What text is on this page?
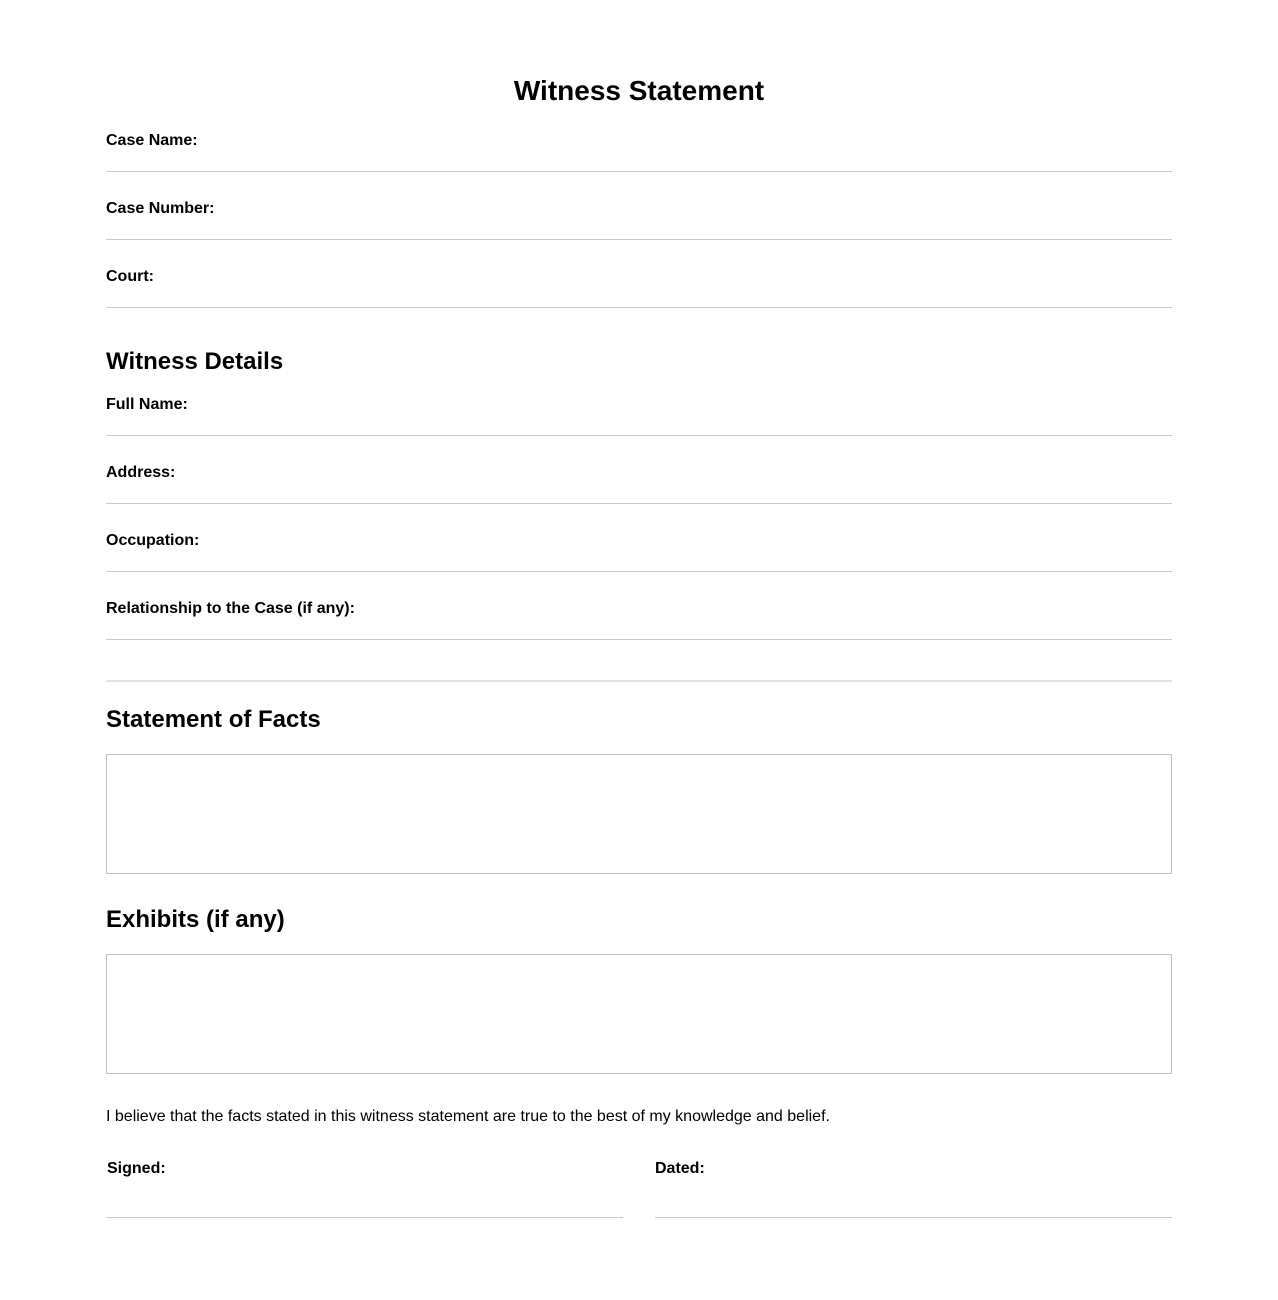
Witness Statement
Case Name:
Case Number:
Court:
Witness Details
Full Name:
Address:
Occupation:
Relationship to the Case (if any):
Statement of Facts
Exhibits (if any)

I believe that the facts stated in this witness statement are true to the best of my knowledge and belief.

Signed:	Dated:
